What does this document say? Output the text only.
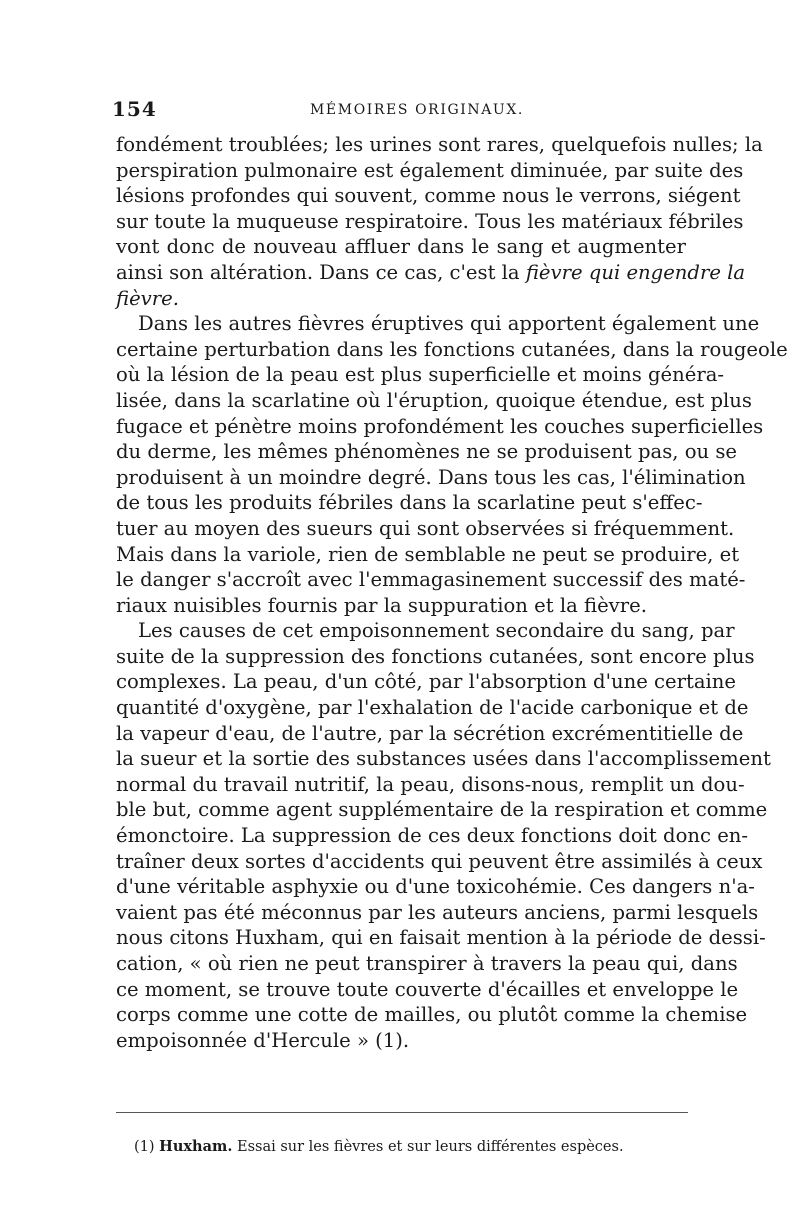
154	MÉMOIRES ORIGINAUX.
fondément troublées; les urines sont rares, quelquefois nulles; la
perspiration pulmonaire est également diminuée, par suite des
lésions profondes qui souvent, comme nous le verrons, siégent
sur toute la muqueuse respiratoire. Tous les matériaux fébriles
vont donc de nouveau affluer dans le sang et augmenter
ainsi son altération. Dans ce cas, c'est la fièvre qui engendre la
fièvre.
Dans les autres fièvres éruptives qui apportent également une
certaine perturbation dans les fonctions cutanées, dans la rougeole
où la lésion de la peau est plus superficielle et moins généra-
lisée, dans la scarlatine où l'éruption, quoique étendue, est plus
fugace et pénètre moins profondément les couches superficielles
du derme, les mêmes phénomènes ne se produisent pas, ou se
produisent à un moindre degré. Dans tous les cas, l'élimination
de tous les produits fébriles dans la scarlatine peut s'effec-
tuer au moyen des sueurs qui sont observées si fréquemment.
Mais dans la variole, rien de semblable ne peut se produire, et
le danger s'accroît avec l'emmagasinement successif des maté-
riaux nuisibles fournis par la suppuration et la fièvre.
Les causes de cet empoisonnement secondaire du sang, par
suite de la suppression des fonctions cutanées, sont encore plus
complexes. La peau, d'un côté, par l'absorption d'une certaine
quantité d'oxygène, par l'exhalation de l'acide carbonique et de
la vapeur d'eau, de l'autre, par la sécrétion excrémentitielle de
la sueur et la sortie des substances usées dans l'accomplissement
normal du travail nutritif, la peau, disons-nous, remplit un dou-
ble but, comme agent supplémentaire de la respiration et comme
émonctoire. La suppression de ces deux fonctions doit donc en-
traîner deux sortes d'accidents qui peuvent être assimilés à ceux
d'une véritable asphyxie ou d'une toxicohémie. Ces dangers n'a-
vaient pas été méconnus par les auteurs anciens, parmi lesquels
nous citons Huxham, qui en faisait mention à la période de dessi-
cation, « où rien ne peut transpirer à travers la peau qui, dans
ce moment, se trouve toute couverte d'écailles et enveloppe le
corps comme une cotte de mailles, ou plutôt comme la chemise
empoisonnée d'Hercule » (1).
(1) Huxham. Essai sur les fièvres et sur leurs différentes espèces.
